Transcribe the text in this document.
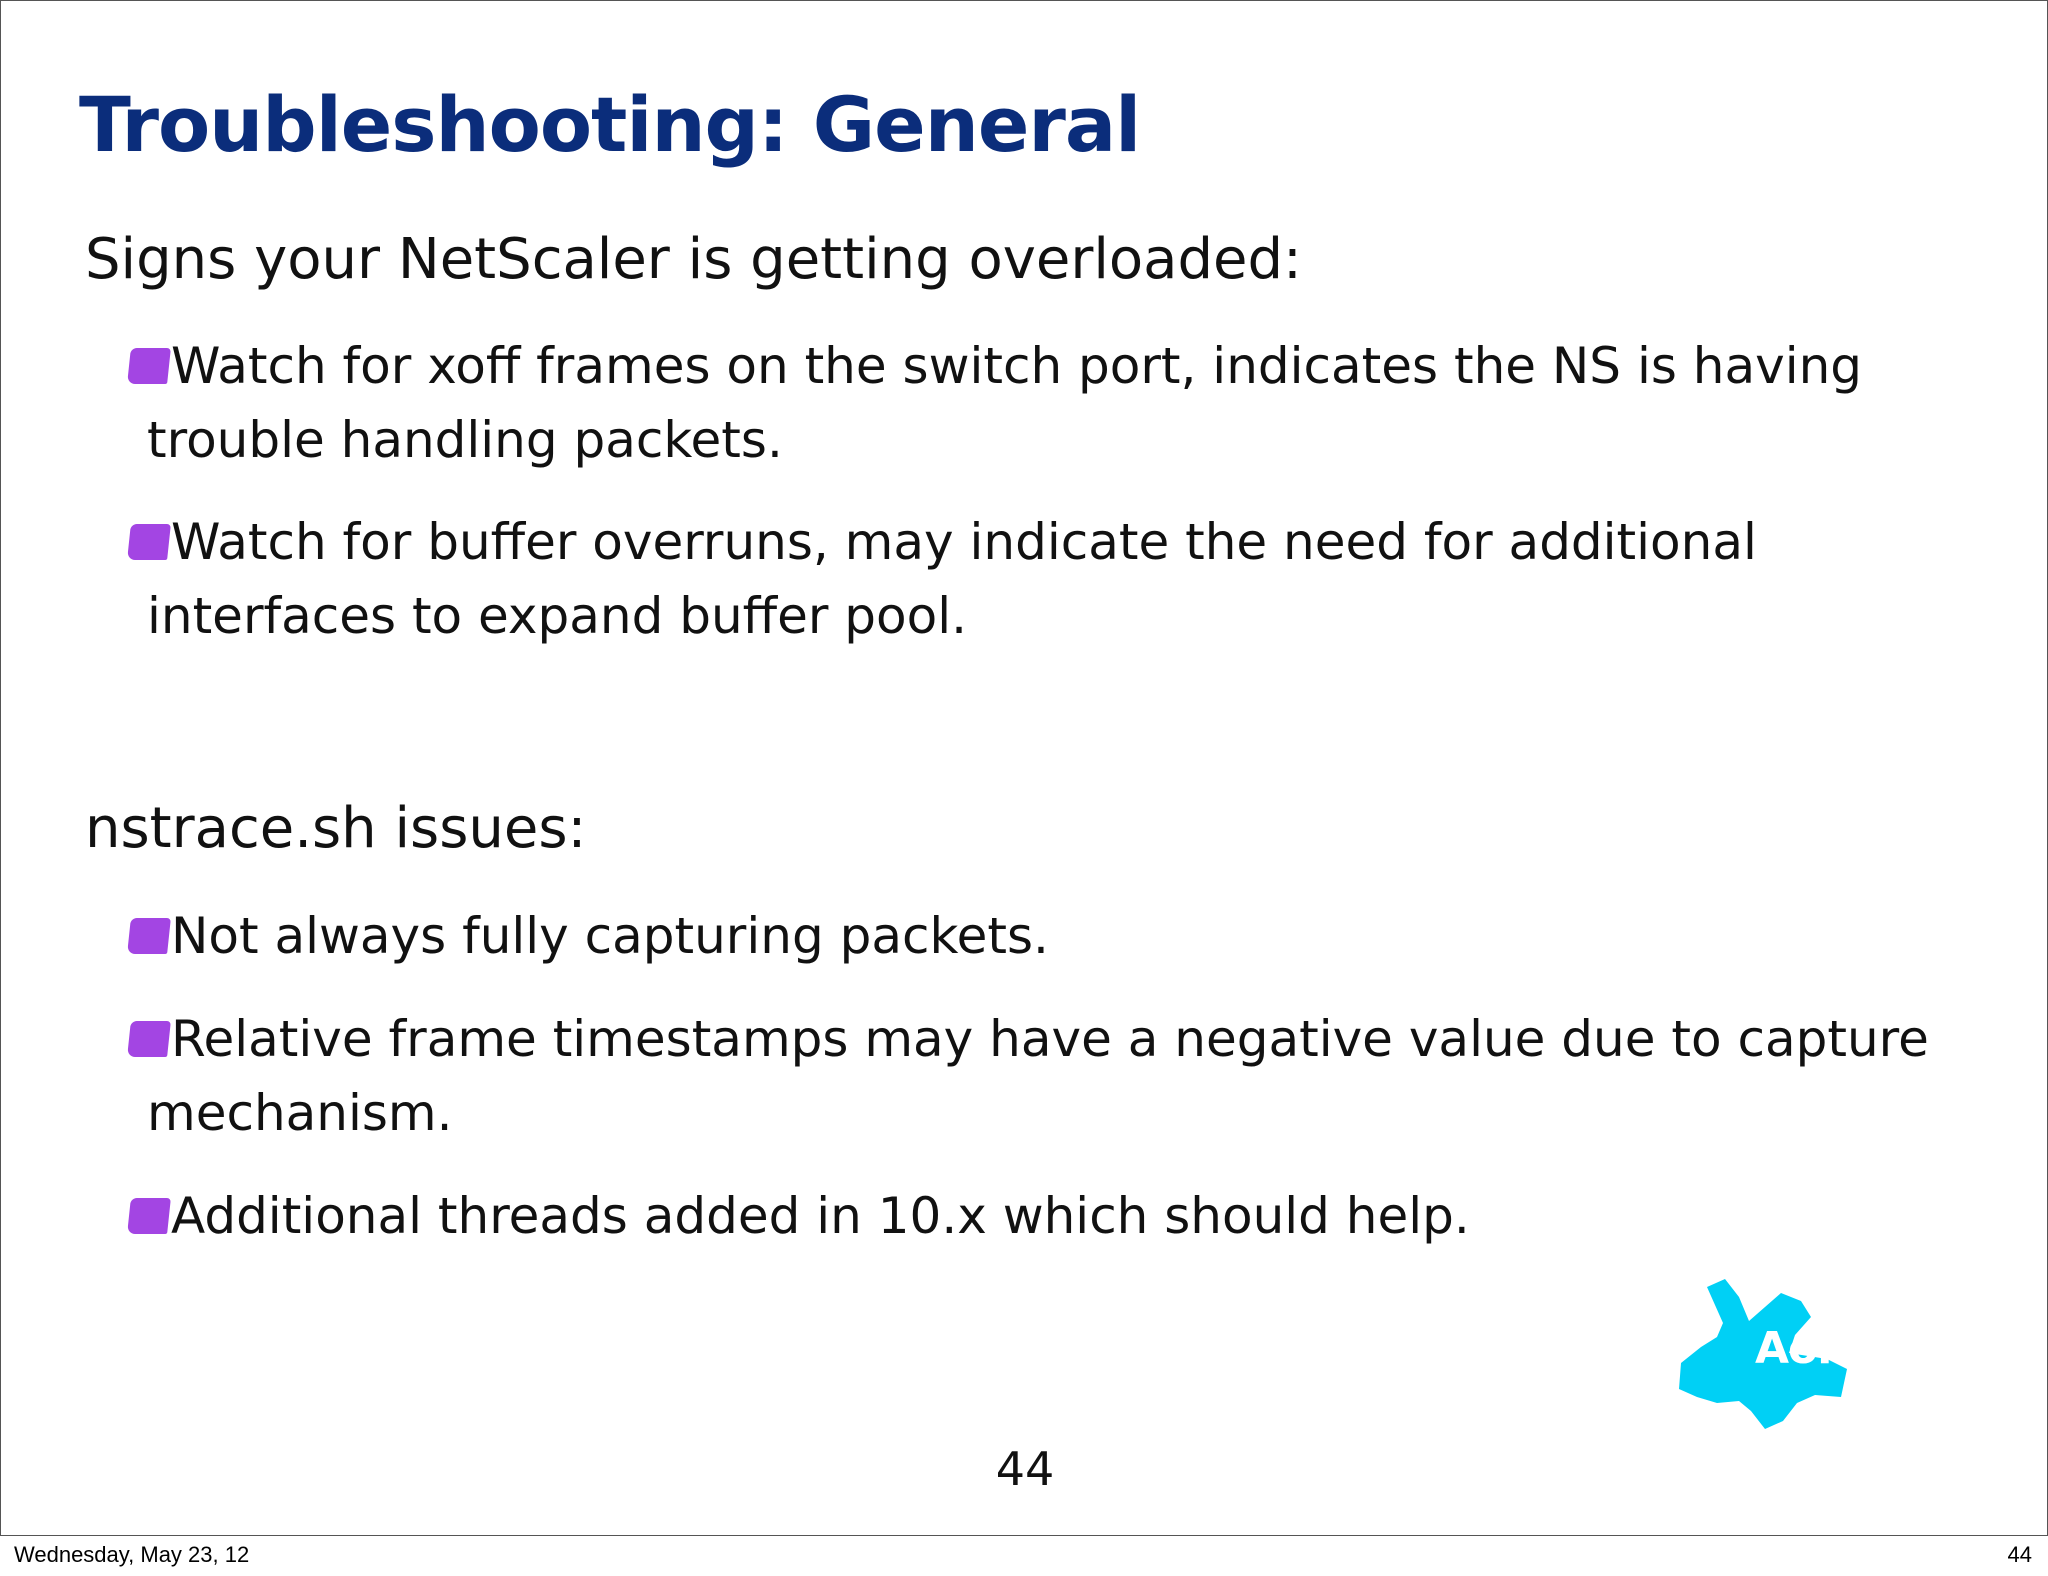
Troubleshooting: General

Signs your NetScaler is getting overloaded:

Watch for xoff frames on the switch port, indicates the NS is having trouble handling packets.
Watch for buffer overruns, may indicate the need for additional interfaces to expand buffer pool.

nstrace.sh issues:

Not always fully capturing packets.
Relative frame timestamps may have a negative value due to capture mechanism.
Additional threads added in 10.x which should help.
Aol.
44
Wednesday, May 23, 12	44
